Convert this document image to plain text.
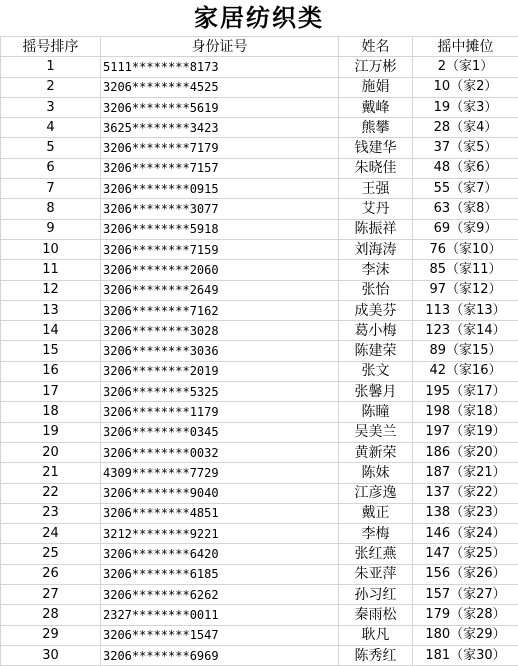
家居纺织类
摇号排序	身份证号	姓名	摇中摊位
1	5111********8173	江万彬	2（家1）
2	3206********4525	施娟	10（家2）
3	3206********5619	戴峰	19（家3）
4	3625********3423	熊攀	28（家4）
5	3206********7179	钱建华	37（家5）
6	3206********7157	朱晓佳	48（家6）
7	3206********0915	王强	55（家7）
8	3206********3077	艾丹	63（家8）
9	3206********5918	陈振祥	69（家9）
10	3206********7159	刘海涛	76（家10）
11	3206********2060	李沫	85（家11）
12	3206********2649	张怡	97（家12）
13	3206********7162	成美芬	113（家13）
14	3206********3028	葛小梅	123（家14）
15	3206********3036	陈建荣	89（家15）
16	3206********2019	张文	42（家16）
17	3206********5325	张馨月	195（家17）
18	3206********1179	陈瞳	198（家18）
19	3206********0345	吴美兰	197（家19）
20	3206********0032	黄新荣	186（家20）
21	4309********7729	陈妹	187（家21）
22	3206********9040	江彦逸	137（家22）
23	3206********4851	戴正	138（家23）
24	3212********9221	李梅	146（家24）
25	3206********6420	张红燕	147（家25）
26	3206********6185	朱亚萍	156（家26）
27	3206********6262	孙习红	157（家27）
28	2327********0011	秦雨松	179（家28）
29	3206********1547	耿凡	180（家29）
30	3206********6969	陈秀红	181（家30）
